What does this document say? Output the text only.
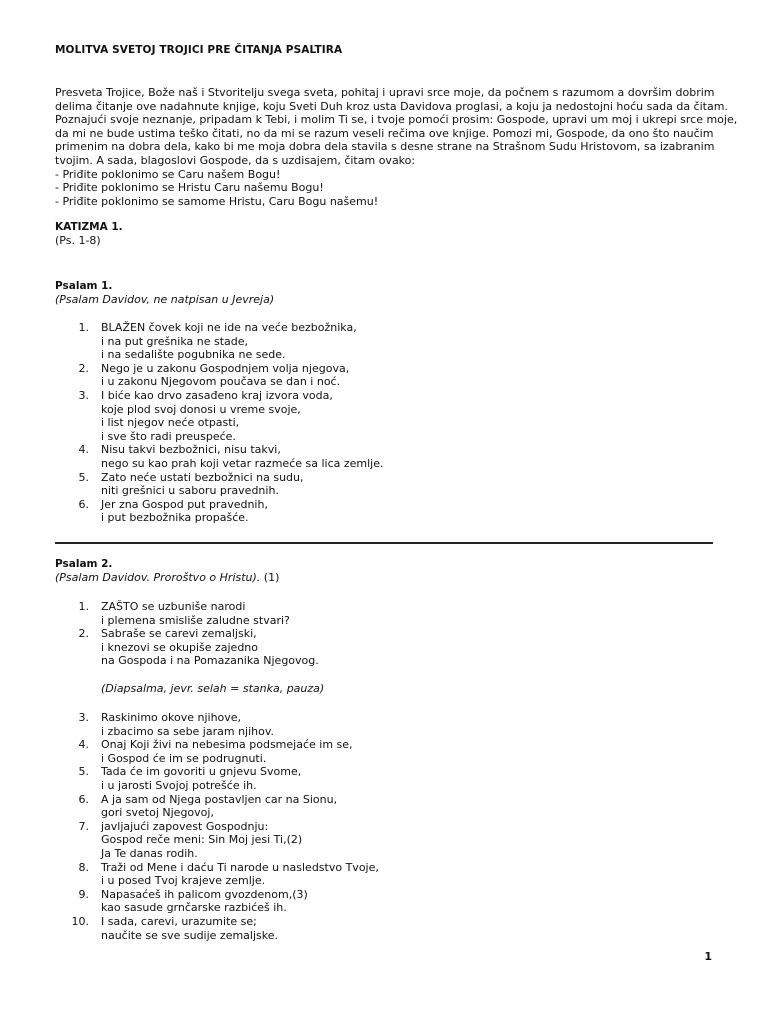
MOLITVA SVETOJ TROJICI PRE ČITANJA PSALTIRA
Presveta Trojice, Bože naš i Stvoritelju svega sveta, pohitaj i upravi srce moje, da počnem s razumom a dovršim dobrim
delima čitanje ove nadahnute knjige, koju Sveti Duh kroz usta Davidova proglasi, a koju ja nedostojni hoću sada da čitam.
Poznajući svoje neznanje, pripadam k Tebi, i molim Ti se, i tvoje pomoći prosim: Gospode, upravi um moj i ukrepi srce moje,
da mi ne bude ustima teško čitati, no da mi se razum veseli rečima ove knjige. Pomozi mi, Gospode, da ono što naučim
primenim na dobra dela, kako bi me moja dobra dela stavila s desne strane na Strašnom Sudu Hristovom, sa izabranim
tvojim. A sada, blagoslovi Gospode, da s uzdisajem, čitam ovako:
- Priđite poklonimo se Caru našem Bogu!
- Priđite poklonimo se Hristu Caru našemu Bogu!
- Priđite poklonimo se samome Hristu, Caru Bogu našemu!
KATIZMA 1.
(Ps. 1-8)
Psalam 1.
(Psalam Davidov, ne natpisan u Jevreja)
1.	BLAŽEN čovek koji ne ide na veće bezbožnika,
i na put grešnika ne stade,
i na sedalište pogubnika ne sede.
2.	Nego je u zakonu Gospodnjem volja njegova,
i u zakonu Njegovom poučava se dan i noć.
3.	I biće kao drvo zasađeno kraj izvora voda,
koje plod svoj donosi u vreme svoje,
i list njegov neće otpasti,
i sve što radi preuspeće.
4.	Nisu takvi bezbožnici, nisu takvi,
nego su kao prah koji vetar razmeće sa lica zemlje.
5.	Zato neće ustati bezbožnici na sudu,
niti grešnici u saboru pravednih.
6.	Jer zna Gospod put pravednih,
i put bezbožnika propašće.
Psalam 2.
(Psalam Davidov. Proroštvo o Hristu). (1)
1.	ZAŠTO se uzbuniše narodi
i plemena smisliše zaludne stvari?
2.	Sabraše se carevi zemaljski,
i knezovi se okupiše zajedno
na Gospoda i na Pomazanika Njegovog.
(Diapsalma, jevr. selah = stanka, pauza)
3.	Raskinimo okove njihove,
i zbacimo sa sebe jaram njihov.
4.	Onaj Koji živi na nebesima podsmejaće im se,
i Gospod će im se podrugnuti.
5.	Tada će im govoriti u gnjevu Svome,
i u jarosti Svojoj potrešće ih.
6.	A ja sam od Njega postavljen car na Sionu,
gori svetoj Njegovoj,
7.	javljajući zapovest Gospodnju:
Gospod reče meni: Sin Moj jesi Ti,(2)
Ja Te danas rodih.
8.	Traži od Mene i daću Ti narode u nasledstvo Tvoje,
i u posed Tvoj krajeve zemlje.
9.	Napasaćeš ih palicom gvozdenom,(3)
kao sasude grnčarske razbićeš ih.
10.	I sada, carevi, urazumite se;
naučite se sve sudije zemaljske.
1
